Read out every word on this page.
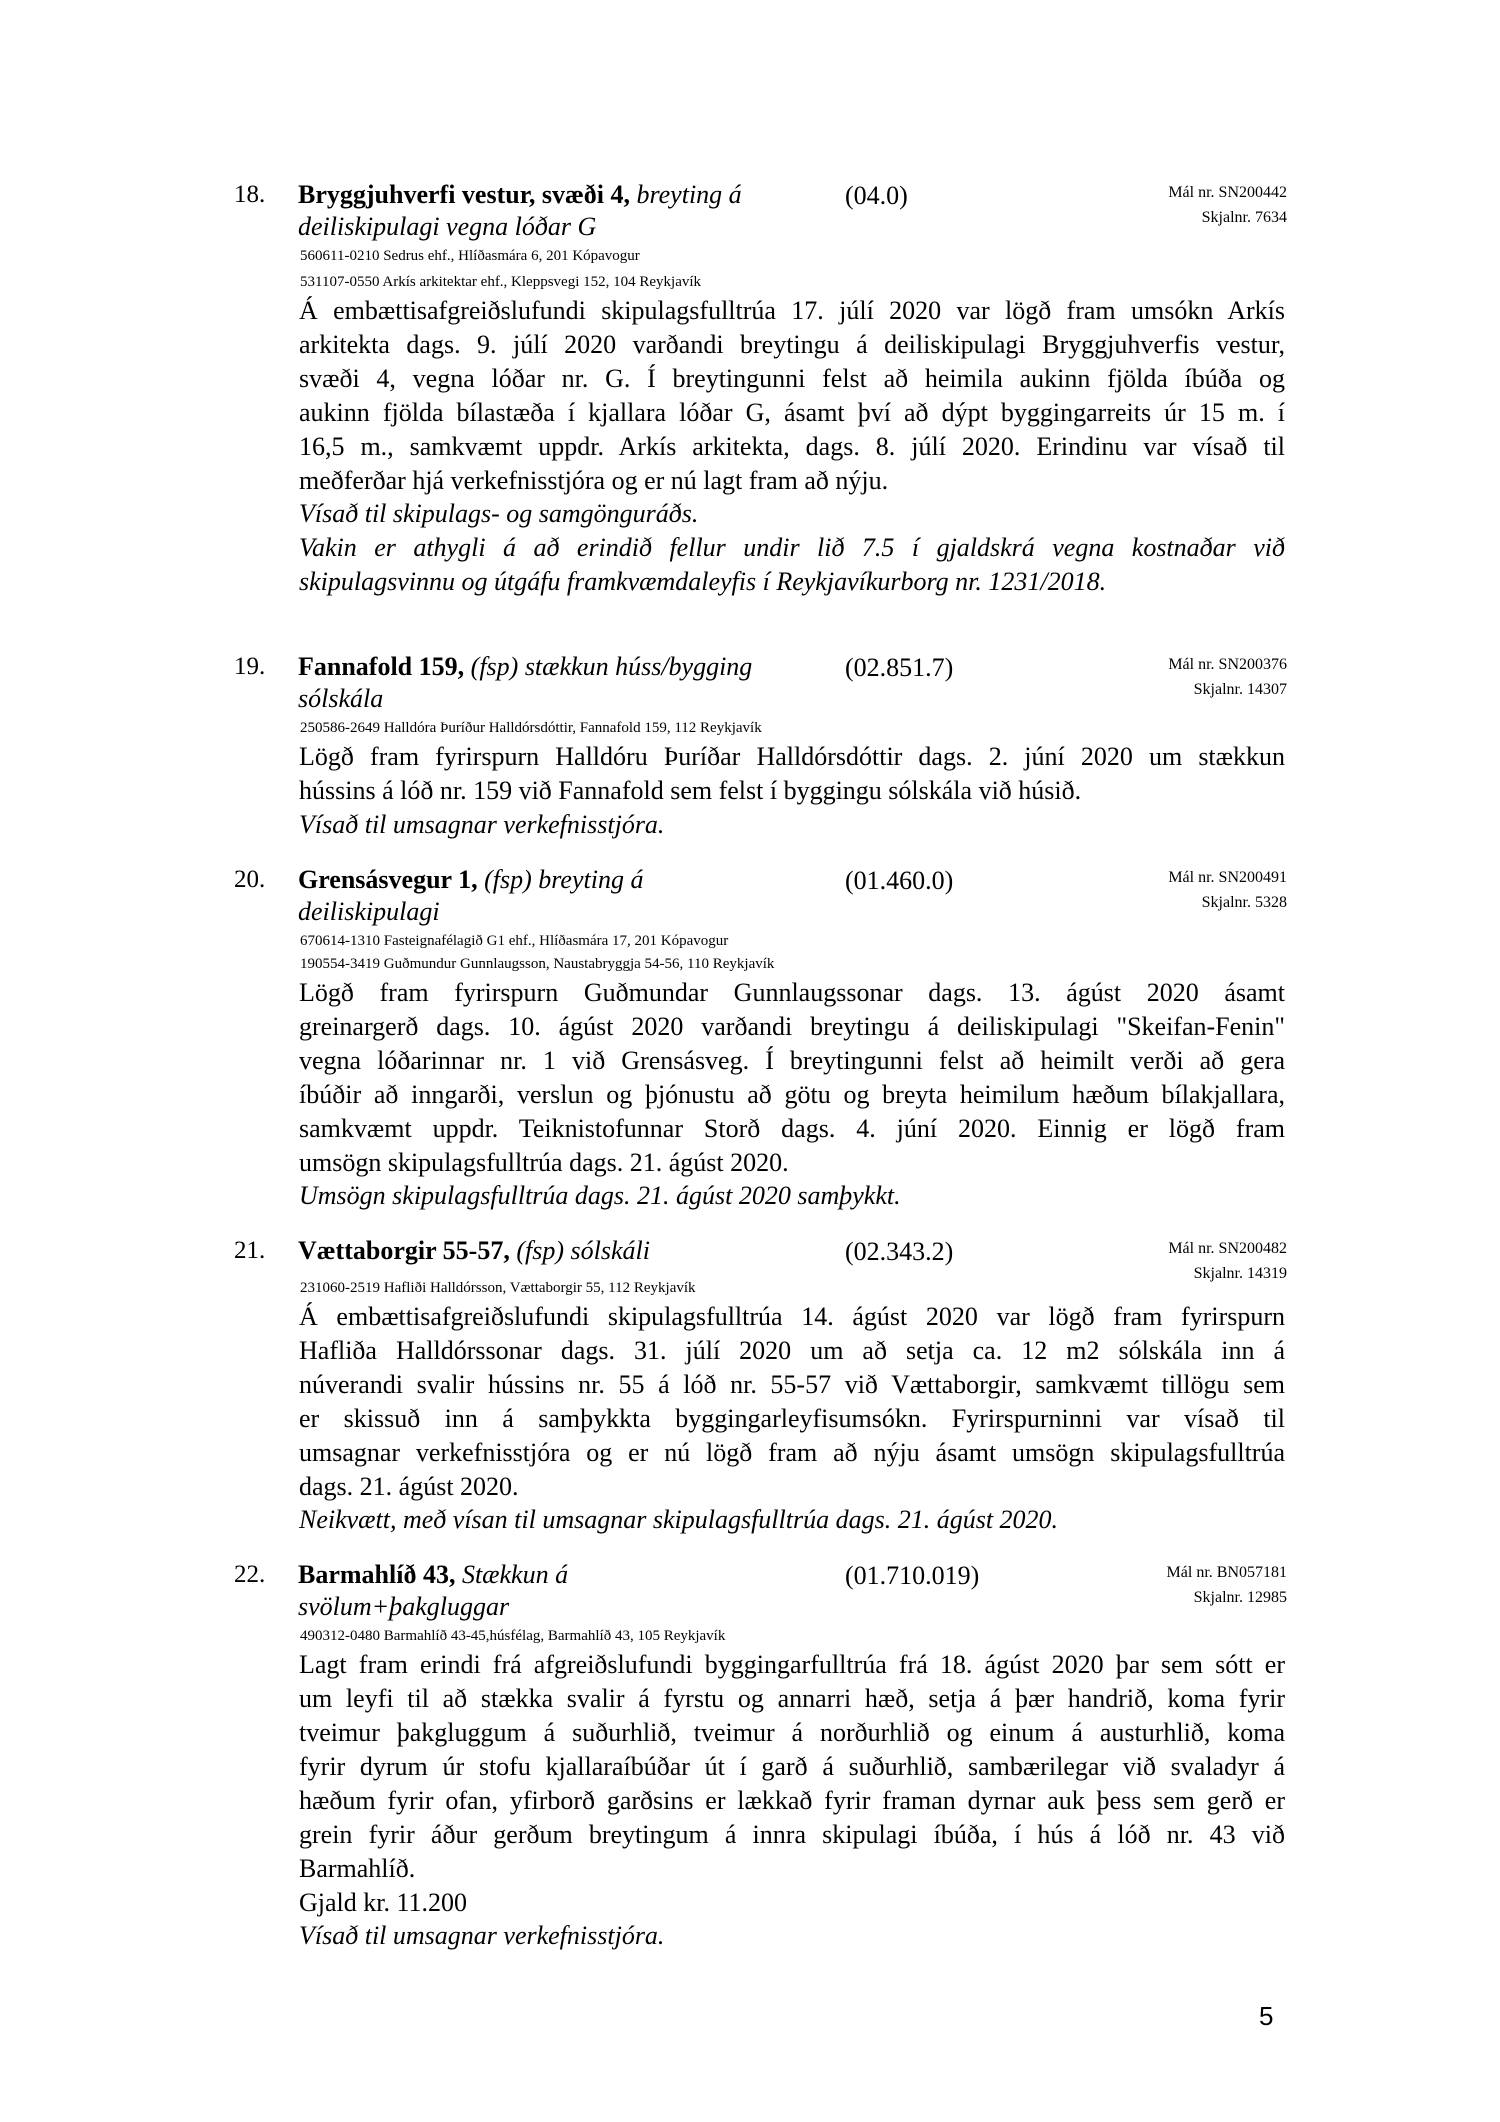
18. Bryggjuhverfi vestur, svæði 4, breyting á
deiliskipulagi vegna lóðar G
(04.0)	Mál nr. SN200442
Skjalnr. 7634
560611-0210 Sedrus ehf., Hlíðasmára 6, 201 Kópavogur
531107-0550 Arkís arkitektar ehf., Kleppsvegi 152, 104 Reykjavík
Á embættisafgreiðslufundi skipulagsfulltrúa 17. júlí 2020 var lögð fram umsókn Arkís
arkitekta dags. 9. júlí 2020 varðandi breytingu á deiliskipulagi Bryggjuhverfis vestur,
svæði 4, vegna lóðar nr. G. Í breytingunni felst að heimila aukinn fjölda íbúða og
aukinn fjölda bílastæða í kjallara lóðar G, ásamt því að dýpt byggingarreits úr 15 m. í
16,5 m., samkvæmt uppdr. Arkís arkitekta, dags. 8. júlí 2020. Erindinu var vísað til
meðferðar hjá verkefnisstjóra og er nú lagt fram að nýju.
Vísað til skipulags- og samgönguráðs.
Vakin er athygli á að erindið fellur undir lið 7.5 í gjaldskrá vegna kostnaðar við
skipulagsvinnu og útgáfu framkvæmdaleyfis í Reykjavíkurborg nr. 1231/2018.
19. Fannafold 159, (fsp) stækkun húss/bygging
sólskála
(02.851.7)	Mál nr. SN200376
Skjalnr. 14307
250586-2649 Halldóra Þuríður Halldórsdóttir, Fannafold 159, 112 Reykjavík
Lögð fram fyrirspurn Halldóru Þuríðar Halldórsdóttir dags. 2. júní 2020 um stækkun
hússins á lóð nr. 159 við Fannafold sem felst í byggingu sólskála við húsið.
Vísað til umsagnar verkefnisstjóra.
20. Grensásvegur 1, (fsp) breyting á
deiliskipulagi
(01.460.0)	Mál nr. SN200491
Skjalnr. 5328
670614-1310 Fasteignafélagið G1 ehf., Hlíðasmára 17, 201 Kópavogur
190554-3419 Guðmundur Gunnlaugsson, Naustabryggja 54-56, 110 Reykjavík
Lögð fram fyrirspurn Guðmundar Gunnlaugssonar dags. 13. ágúst 2020 ásamt
greinargerð dags. 10. ágúst 2020 varðandi breytingu á deiliskipulagi "Skeifan-Fenin"
vegna lóðarinnar nr. 1 við Grensásveg. Í breytingunni felst að heimilt verði að gera
íbúðir að inngarði, verslun og þjónustu að götu og breyta heimilum hæðum bílakjallara,
samkvæmt uppdr. Teiknistofunnar Storð dags. 4. júní 2020. Einnig er lögð fram
umsögn skipulagsfulltrúa dags. 21. ágúst 2020.
Umsögn skipulagsfulltrúa dags. 21. ágúst 2020 samþykkt.
21. Vættaborgir 55-57, (fsp) sólskáli	(02.343.2)	Mál nr. SN200482
Skjalnr. 14319
231060-2519 Hafliði Halldórsson, Vættaborgir 55, 112 Reykjavík
Á embættisafgreiðslufundi skipulagsfulltrúa 14. ágúst 2020 var lögð fram fyrirspurn
Hafliða Halldórssonar dags. 31. júlí 2020 um að setja ca. 12 m2 sólskála inn á
núverandi svalir hússins nr. 55 á lóð nr. 55-57 við Vættaborgir, samkvæmt tillögu sem
er skissuð inn á samþykkta byggingarleyfisumsókn. Fyrirspurninni var vísað til
umsagnar verkefnisstjóra og er nú lögð fram að nýju ásamt umsögn skipulagsfulltrúa
dags. 21. ágúst 2020.
Neikvætt, með vísan til umsagnar skipulagsfulltrúa dags. 21. ágúst 2020.
22. Barmahlíð 43, Stækkun á
svölum+þakgluggar
(01.710.019)	Mál nr. BN057181
Skjalnr. 12985
490312-0480 Barmahlíð 43-45,húsfélag, Barmahlíð 43, 105 Reykjavík
Lagt fram erindi frá afgreiðslufundi byggingarfulltrúa frá 18. ágúst 2020 þar sem sótt er
um leyfi til að stækka svalir á fyrstu og annarri hæð, setja á þær handrið, koma fyrir
tveimur þakgluggum á suðurhlið, tveimur á norðurhlið og einum á austurhlið, koma
fyrir dyrum úr stofu kjallaraíbúðar út í garð á suðurhlið, sambærilegar við svaladyr á
hæðum fyrir ofan, yfirborð garðsins er lækkað fyrir framan dyrnar auk þess sem gerð er
grein fyrir áður gerðum breytingum á innra skipulagi íbúða, í hús á lóð nr. 43 við
Barmahlíð.
Gjald kr. 11.200
Vísað til umsagnar verkefnisstjóra.
5
